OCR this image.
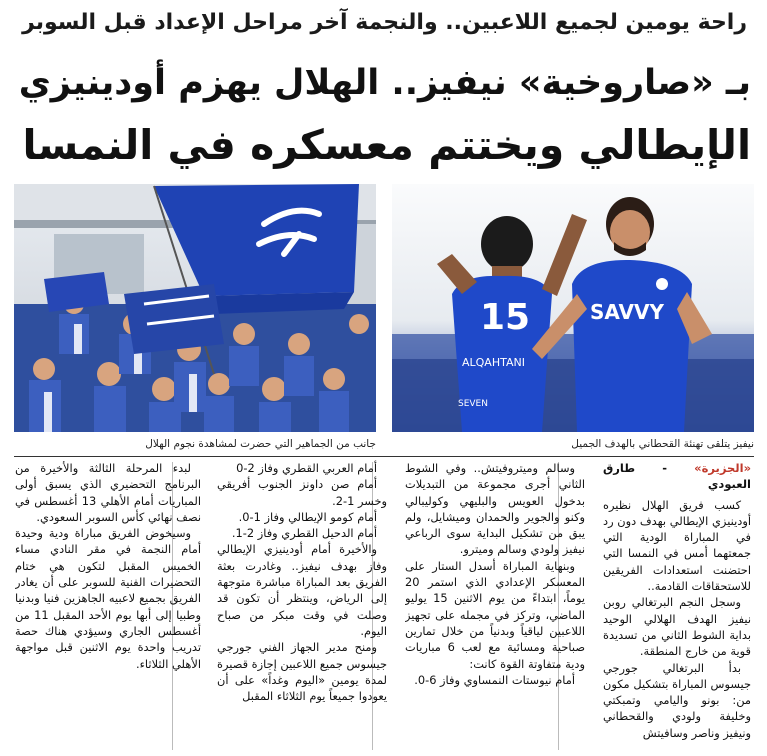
راحة يومين لجميع اللاعبين.. والنجمة آخر مراحل الإعداد قبل السوبر
بـ «صاروخية» نيفيز.. الهلال يهزم أودينيزي
الإيطالي ويختتم معسكره في النمسا
15
ALQAHTANI
SEVEN
SAVVY
جانب من الجماهير التي حضرت لمشاهدة نجوم الهلال	نيفيز يتلقى تهنئة القحطاني بالهدف الجميل
«الجزيرة» - طارق العبودي
كسب فريق الهلال نظيره أودينيزي الإيطالي بهدف دون رد في المباراة الودية التي جمعتهما أمس في النمسا التي احتضنت استعدادات الفريقين للاستحقاقات القادمة..
وسجل النجم البرتغالي روبن نيفيز الهدف الهلالي الوحيد بداية الشوط الثاني من تسديدة قوية من خارج المنطقة.
بدأ البرتغالي جورجي جيسوس المباراة بتشكيل مكون من: بونو واليامي وتمبكتي وخليفة ولودي والقحطاني ونيفيز وناصر وسافيتش
وسالم وميتروفيتش.. وفي الشوط الثاني أجرى مجموعة من التبديلات بدخول العويس والبليهي وكوليبالي وكنو والجوير والحمدان وميشايل، ولم يبق من تشكيل البداية سوى الرباعي نيفيز ولودي وسالم وميترو.
وبنهاية المباراة أسدل الستار على المعسكر الإعدادي الذي استمر 20 يوماً، ابتداءً من يوم الاثنين 15 يوليو الماضي، وتركز في مجمله على تجهيز اللاعبين لياقياً وبدنياً من خلال تمارين صباحية ومسائية مع لعب 6 مباريات ودية متفاوتة القوة كانت:
أمام نيوستات النمساوي وفاز 6-0.
أمام العربي القطري وفاز 2-0
أمام صن داونز الجنوب أفريقي وخسر 1-2.
أمام كومو الإيطالي وفاز 1-0.
أمام الدحيل القطري وفاز 2-1.
والأخيرة أمام أودينيزي الإيطالي وفاز بهدف نيفيز.. وغادرت بعثة الفريق بعد المباراة مباشرة متوجهة إلى الرياض، وينتظر أن تكون قد وصلت في وقت مبكر من صباح اليوم.
ومنح مدير الجهاز الفني جورجي جيسوس جميع اللاعبين إجازة قصيرة لمدة يومين «اليوم وغداً» على أن يعودوا جميعاً يوم الثلاثاء المقبل
لبدء المرحلة الثالثة والأخيرة من البرنامج التحضيري الذي يسبق أولى المباريات أمام الأهلي 13 أغسطس في نصف نهائي كأس السوبر السعودي.
وسيخوض الفريق مباراة ودية وحيدة أمام النجمة في مقر النادي مساء الخميس المقبل لتكون هي ختام التحضيرات الفنية للسوبر على أن يغادر الفريق بجميع لاعبيه الجاهزين فنيا وبدنيا وطبيا إلى أبها يوم الأحد المقبل 11 من أغسطس الجاري وسيؤدي هناك حصة تدريب واحدة يوم الاثنين قبل مواجهة الأهلي الثلاثاء.
